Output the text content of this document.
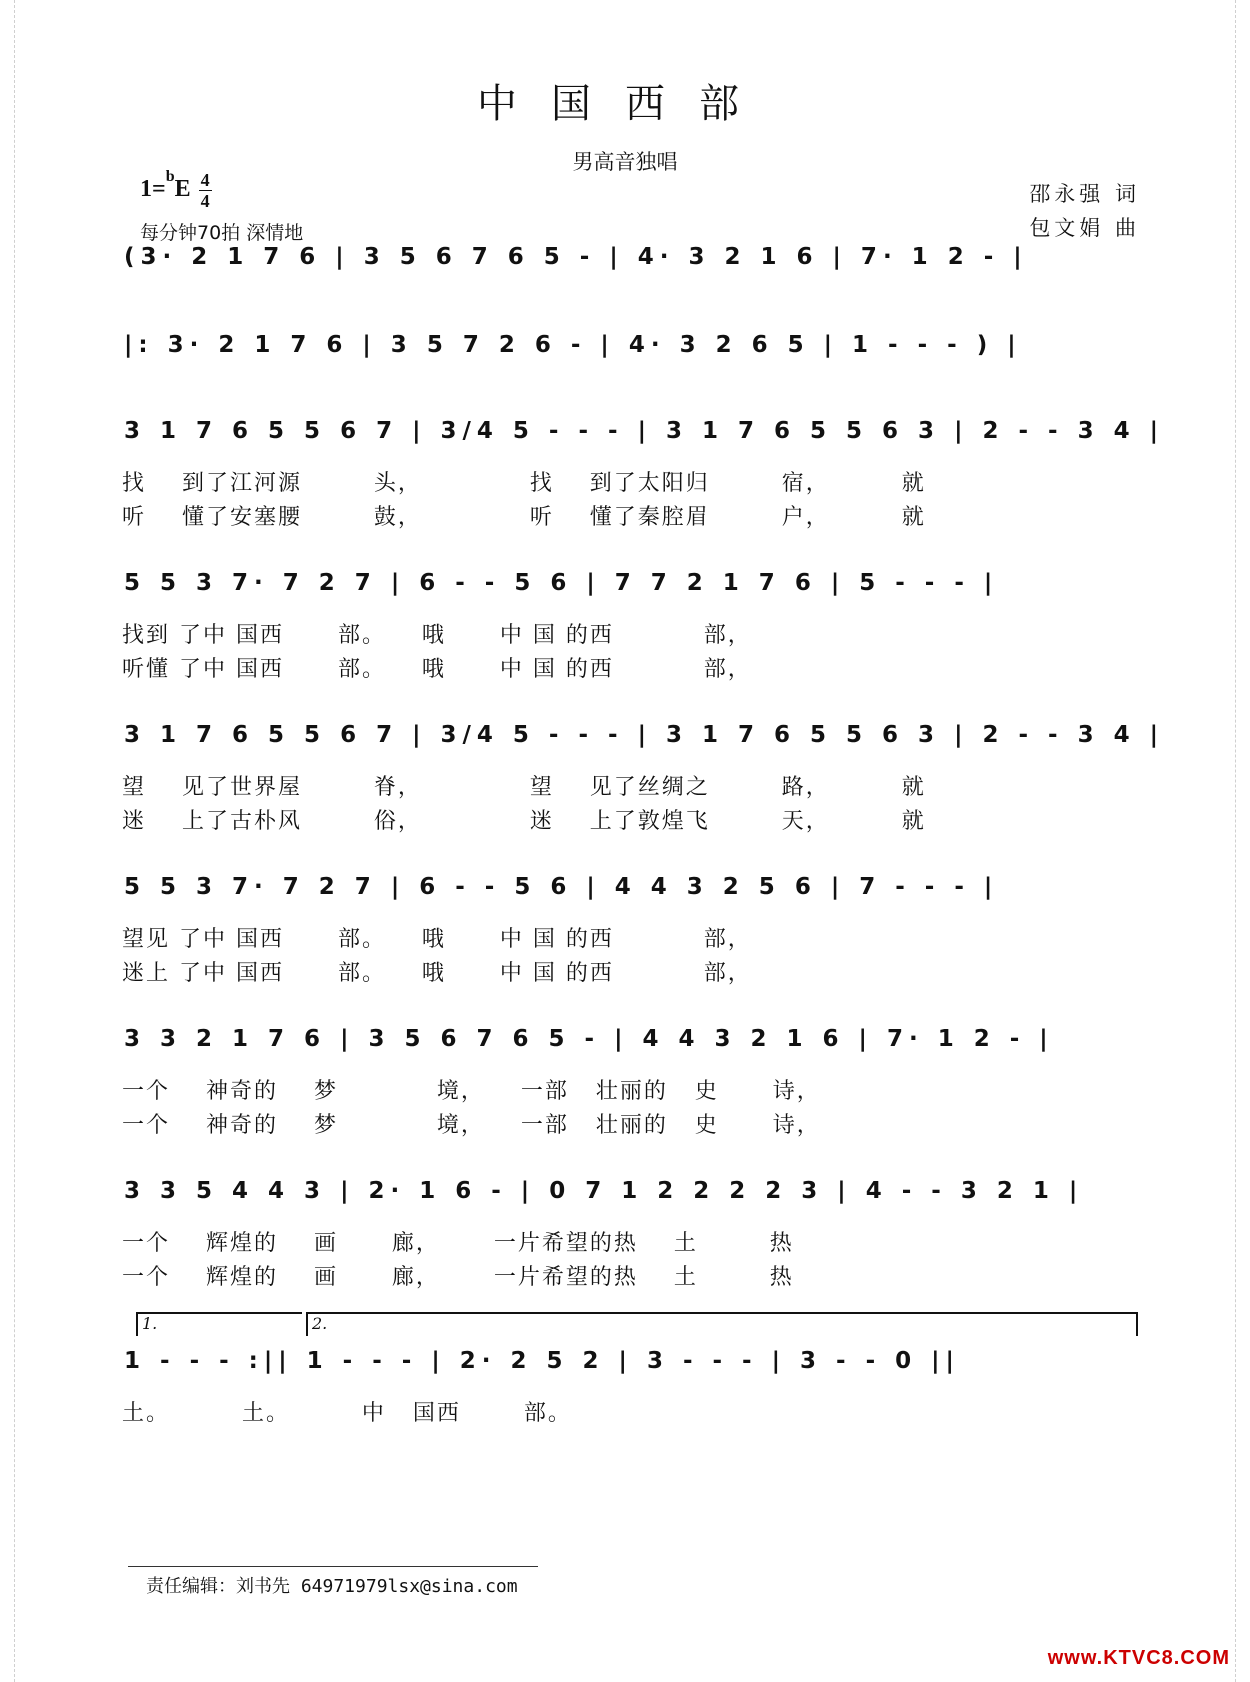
中国西部
男高音独唱
$1=^bE \frac{4}{4}$
每分钟70拍 深情地
邵永强 词
包文娟 曲
(3· 2 1 7 6 | 3 5 6 7 6 5 - | 4· 3 2 1 6 | 7· 1 2 - |
|: 3· 2 1 7 6 | 3 5 7 2 6 - | 4· 3 2 6 5 | 1 - - - ) |
3 1 7 6 5 5 6 7 | 3/4 5 - - - | 3 1 7 6 5 5 6 3 | 2 - - 3 4 |
找    到了江河源        头，            找    到了太阳归        宿，        就
听    懂了安塞腰        鼓，            听    懂了秦腔眉        户，        就
5 5 3 7· 7 2 7 | 6 - - 5 6 | 7 7 2 1 7 6 | 5 - - - |
找到 了中 国西      部。    哦      中 国 的西          部，
听懂 了中 国西      部。    哦      中 国 的西          部，
3 1 7 6 5 5 6 7 | 3/4 5 - - - | 3 1 7 6 5 5 6 3 | 2 - - 3 4 |
望    见了世界屋        脊，            望    见了丝绸之        路，        就
迷    上了古朴风        俗，            迷    上了敦煌飞        天，        就
5 5 3 7· 7 2 7 | 6 - - 5 6 | 4 4 3 2 5 6 | 7 - - - |
望见 了中 国西      部。    哦      中 国 的西          部，
迷上 了中 国西      部。    哦      中 国 的西          部，
3 3 2 1 7 6 | 3 5 6 7 6 5 - | 4 4 3 2 1 6 | 7· 1 2 - |
一个    神奇的    梦           境，    一部   壮丽的   史      诗，
一个    神奇的    梦           境，    一部   壮丽的   史      诗，
3 3 5 4 4 3 | 2· 1 6 - | 0 7 1 2 2 2 2 3 | 4 - - 3 2 1 |
一个    辉煌的    画      廊，      一片希望的热    土        热
一个    辉煌的    画      廊，      一片希望的热    土        热
1.	2.
1 - - - :|| 1 - - - | 2· 2 5 2 | 3 - - - | 3 - - 0 ||
土。        土。        中   国西       部。
责任编辑：刘书先 64971979lsx@sina.com
www.KTVC8.COM
